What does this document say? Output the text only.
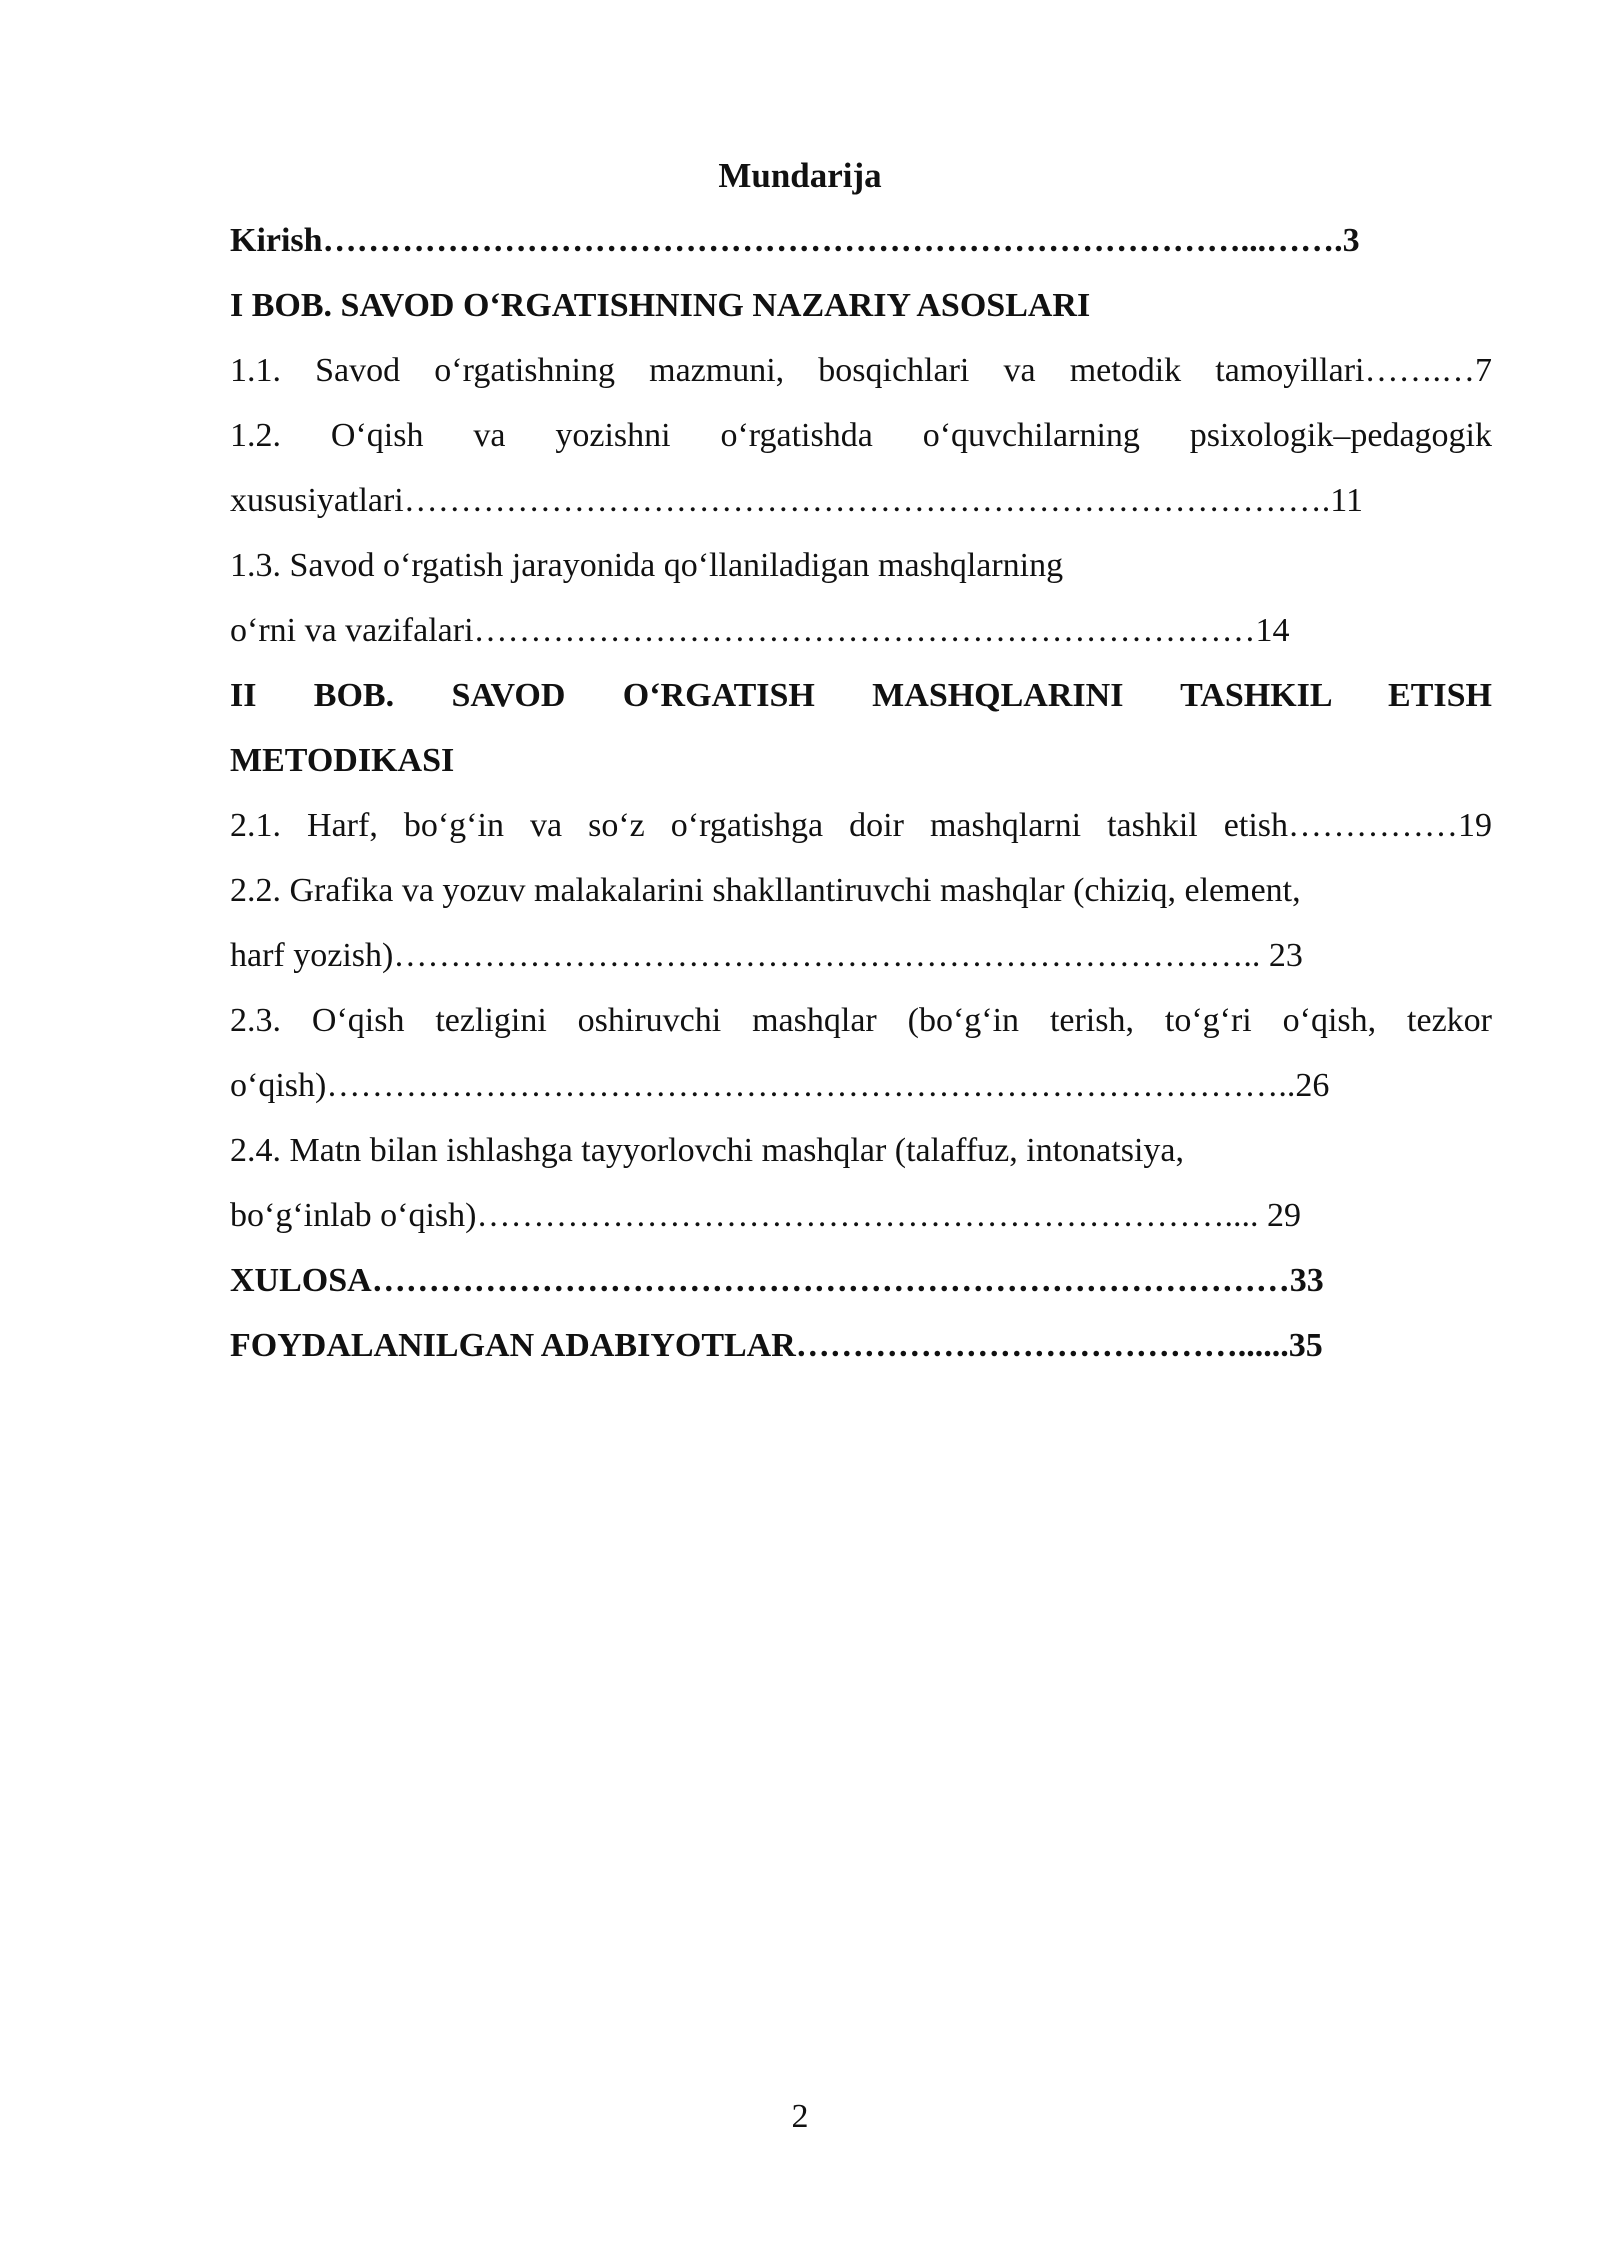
Mundarija
Kirish………………………………………………………………………...…….3
I BOB. SAVOD O‘RGATISHNING NAZARIY ASOSLARI
1.1. Savod o‘rgatishning mazmuni, bosqichlari va metodik tamoyillari…….…7
1.2. O‘qish va yozishni o‘rgatishda o‘quvchilarning psixologik–pedagogik
xususiyatlari……………………………………………………………………….11
1.3. Savod o‘rgatish jarayonida qo‘llaniladigan mashqlarning
o‘rni va vazifalari……………………………………………………………14
II BOB. SAVOD O‘RGATISH MASHQLARINI TASHKIL ETISH
METODIKASI
2.1. Harf, bo‘g‘in va so‘z o‘rgatishga doir mashqlarni tashkil etish……………19
2.2. Grafika va yozuv malakalarini shakllantiruvchi mashqlar (chiziq, element,
harf yozish)………………………………………………………………….. 23
2.3. O‘qish tezligini oshiruvchi mashqlar (bo‘g‘in terish, to‘g‘ri o‘qish, tezkor
o‘qish)…………………………………………………………………………..26
2.4. Matn bilan ishlashga tayyorlovchi mashqlar (talaffuz, intonatsiya,
bo‘g‘inlab o‘qish)………………………………………………………….... 29
XULOSA………………………………………………………………………33
FOYDALANILGAN ADABIYOTLAR…………………………………......35
2
